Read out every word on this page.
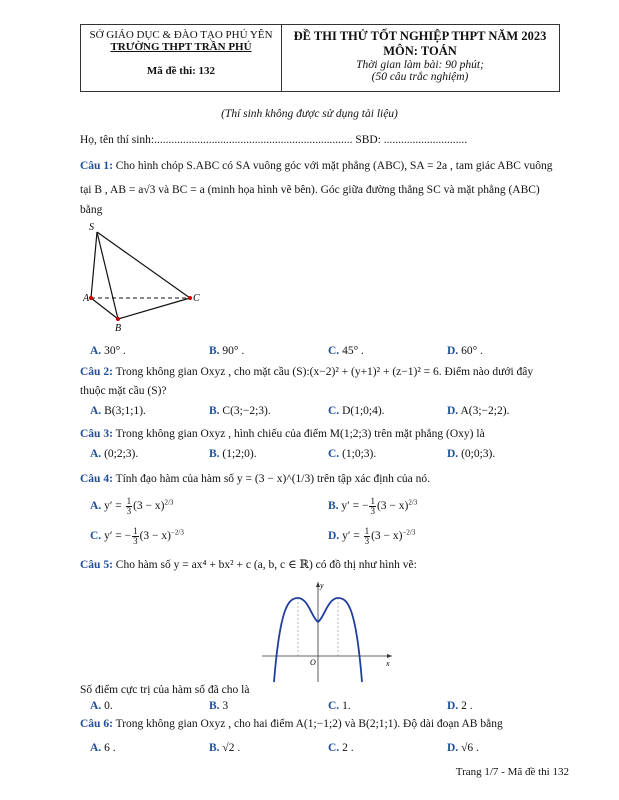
SỞ GIÁO DỤC & ĐÀO TẠO PHÚ YÊN
TRƯỜNG THPT TRẦN PHÚ
Mã đề thi: 132
ĐỀ THI THỬ TỐT NGHIỆP THPT NĂM 2023
MÔN: TOÁN
Thời gian làm bài: 90 phút;
(50 câu trắc nghiệm)
(Thí sinh không được sử dụng tài liệu)
Họ, tên thí sinh:..................................................................... SBD: .............................
Câu 1: Cho hình chóp S.ABC có SA vuông góc với mặt phẳng (ABC), SA = 2a , tam giác ABC vuông
tại B , AB = a√3 và BC = a (minh họa hình vẽ bên). Góc giữa đường thẳng SC và mặt phẳng (ABC)
bằng
S
A
B
C
A. 30° .	B. 90° .	C. 45° .	D. 60° .
Câu 2: Trong không gian Oxyz , cho mặt cầu (S):(x−2)² + (y+1)² + (z−1)² = 6. Điểm nào dưới đây
thuộc mặt cầu (S)?
A. B(3;1;1).	B. C(3;−2;3).	C. D(1;0;4).	D. A(3;−2;2).
Câu 3: Trong không gian Oxyz , hình chiếu của điểm M(1;2;3) trên mặt phẳng (Oxy) là
A. (0;2;3).	B. (1;2;0).	C. (1;0;3).	D. (0;0;3).
Câu 4: Tính đạo hàm của hàm số y = (3 − x)^(1/3) trên tập xác định của nó.
A. $y' = \frac{1}{3} (3 - x)^{2/3}$	B. y′ = − $\frac{1}{3} (3 - x)^{2/3}$
C. y′ = − $\frac{1}{3} (3 - x)^{-2/3}$	D. $y' = \frac{1}{3} (3 - x)^{-2/3}$
Câu 5: Cho hàm số y = ax⁴ + bx² + c (a, b, c ∈ ℝ) có đồ thị như hình vẽ:
y
x
O
Số điểm cực trị của hàm số đã cho là
A. 0.	B. 3	C. 1.	D. 2 .
Câu 6: Trong không gian Oxyz , cho hai điểm A(1;−1;2) và B(2;1;1). Độ dài đoạn AB bằng
A. 6 .	B. √2 .	C. 2 .	D. √6 .
Trang 1/7 - Mã đề thi 132
